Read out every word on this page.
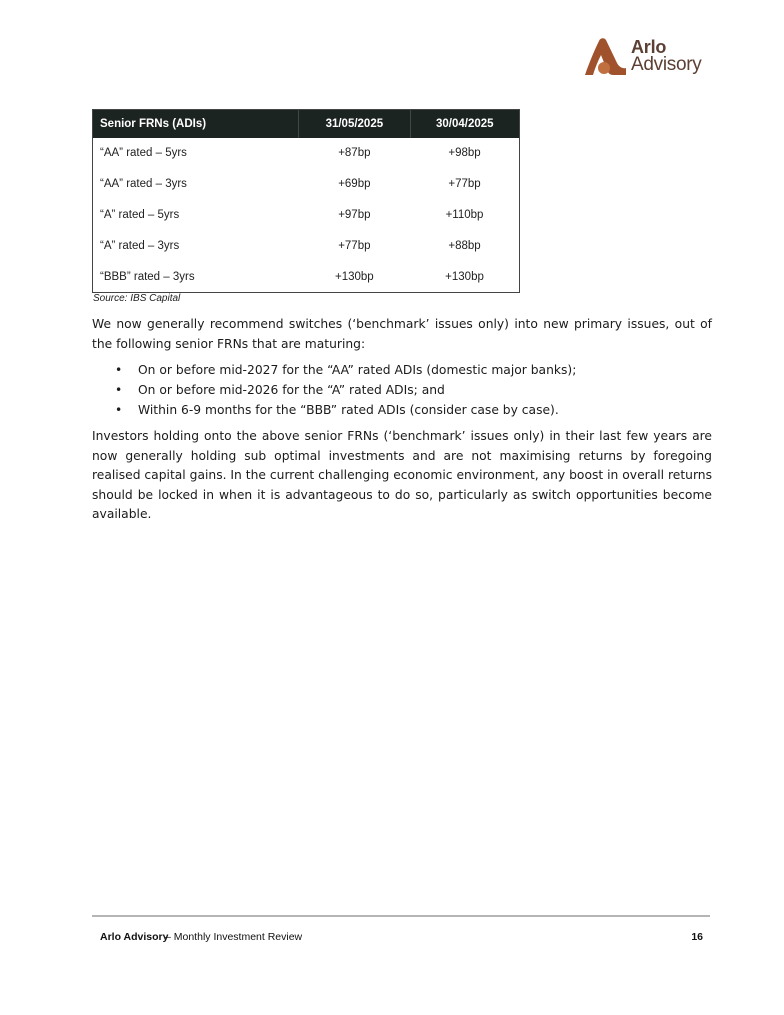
Arlo
Advisory
Senior FRNs (ADIs)	31/05/2025	30/04/2025
“AA” rated – 5yrs	+87bp	+98bp
“AA” rated – 3yrs	+69bp	+77bp
“A” rated – 5yrs	+97bp	+110bp
“A” rated – 3yrs	+77bp	+88bp
“BBB” rated – 3yrs	+130bp	+130bp
Source: IBS Capital

We now generally recommend switches (‘benchmark’ issues only) into new primary issues, out of the following senior FRNs that are maturing:

• On or before mid-2027 for the “AA” rated ADIs (domestic major banks);
• On or before mid-2026 for the “A” rated ADIs; and
• Within 6-9 months for the “BBB” rated ADIs (consider case by case).

Investors holding onto the above senior FRNs (‘benchmark’ issues only) in their last few years are now generally holding sub optimal investments and are not maximising returns by foregoing realised capital gains. In the current challenging economic environment, any boost in overall returns should be locked in when it is advantageous to do so, particularly as switch opportunities become available.

Arlo Advisory
– Monthly Investment Review	16
